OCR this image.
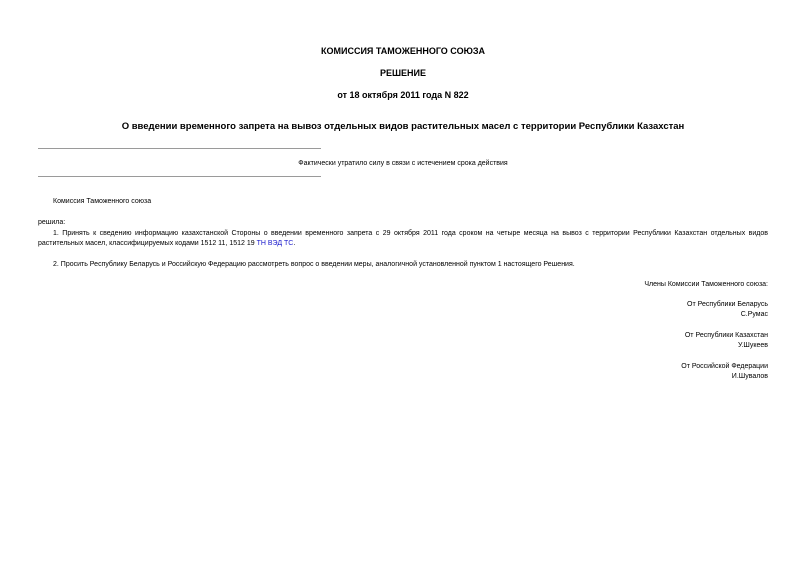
КОМИССИЯ ТАМОЖЕННОГО СОЮЗА
РЕШЕНИЕ
от 18 октября 2011 года N 822
О введении временного запрета на вывоз отдельных видов растительных масел с территории Республики Казахстан
Фактически утратило силу в связи с истечением срока действия
Комиссия Таможенного союза
решила:
1. Принять к сведению информацию казахстанской Стороны о введении временного запрета с 29 октября 2011 года сроком на четыре месяца на вывоз с территории Республики Казахстан отдельных видов растительных масел, классифицируемых кодами 1512 11, 1512 19 ТН ВЭД ТС.
2. Просить Республику Беларусь и Российскую Федерацию рассмотреть вопрос о введении меры, аналогичной установленной пунктом 1 настоящего Решения.
Члены Комиссии Таможенного союза:
От Республики Беларусь
С.Румас
От Республики Казахстан
У.Шукеев
От Российской Федерации
И.Шувалов
